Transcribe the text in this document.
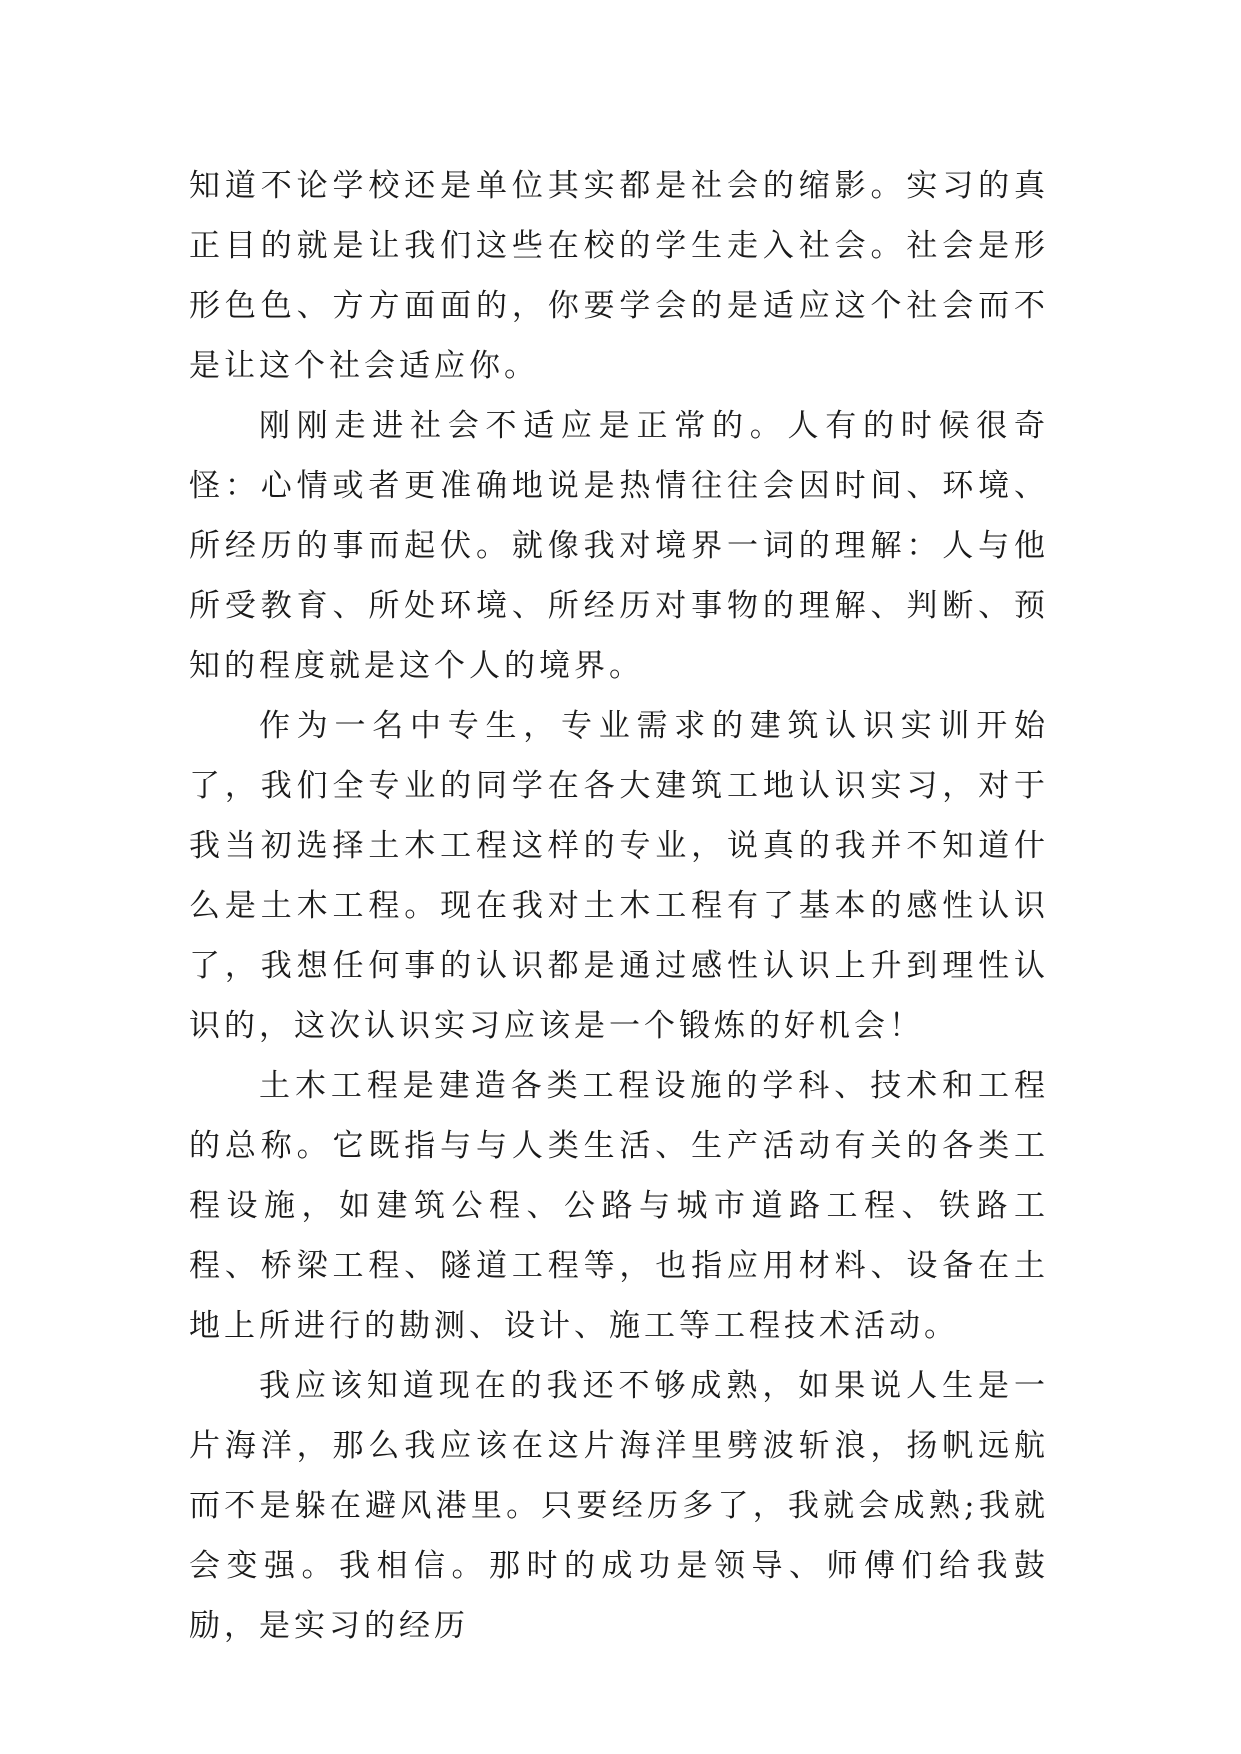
知道不论学校还是单位其实都是社会的缩影。实习的真正目的就是让我们这些在校的学生走入社会。社会是形形色色、方方面面的，你要学会的是适应这个社会而不是让这个社会适应你。

刚刚走进社会不适应是正常的。人有的时候很奇怪：心情或者更准确地说是热情往往会因时间、环境、所经历的事而起伏。就像我对境界一词的理解：人与他所受教育、所处环境、所经历对事物的理解、判断、预知的程度就是这个人的境界。

作为一名中专生，专业需求的建筑认识实训开始了，我们全专业的同学在各大建筑工地认识实习，对于我当初选择土木工程这样的专业，说真的我并不知道什么是土木工程。现在我对土木工程有了基本的感性认识了，我想任何事的认识都是通过感性认识上升到理性认识的，这次认识实习应该是一个锻炼的好机会！

土木工程是建造各类工程设施的学科、技术和工程的总称。它既指与与人类生活、生产活动有关的各类工程设施，如建筑公程、公路与城市道路工程、铁路工程、桥梁工程、隧道工程等，也指应用材料、设备在土地上所进行的勘测、设计、施工等工程技术活动。

我应该知道现在的我还不够成熟，如果说人生是一片海洋，那么我应该在这片海洋里劈波斩浪，扬帆远航而不是躲在避风港里。只要经历多了，我就会成熟;我就会变强。我相信。那时的成功是领导、师傅们给我鼓励，是实习的经历
